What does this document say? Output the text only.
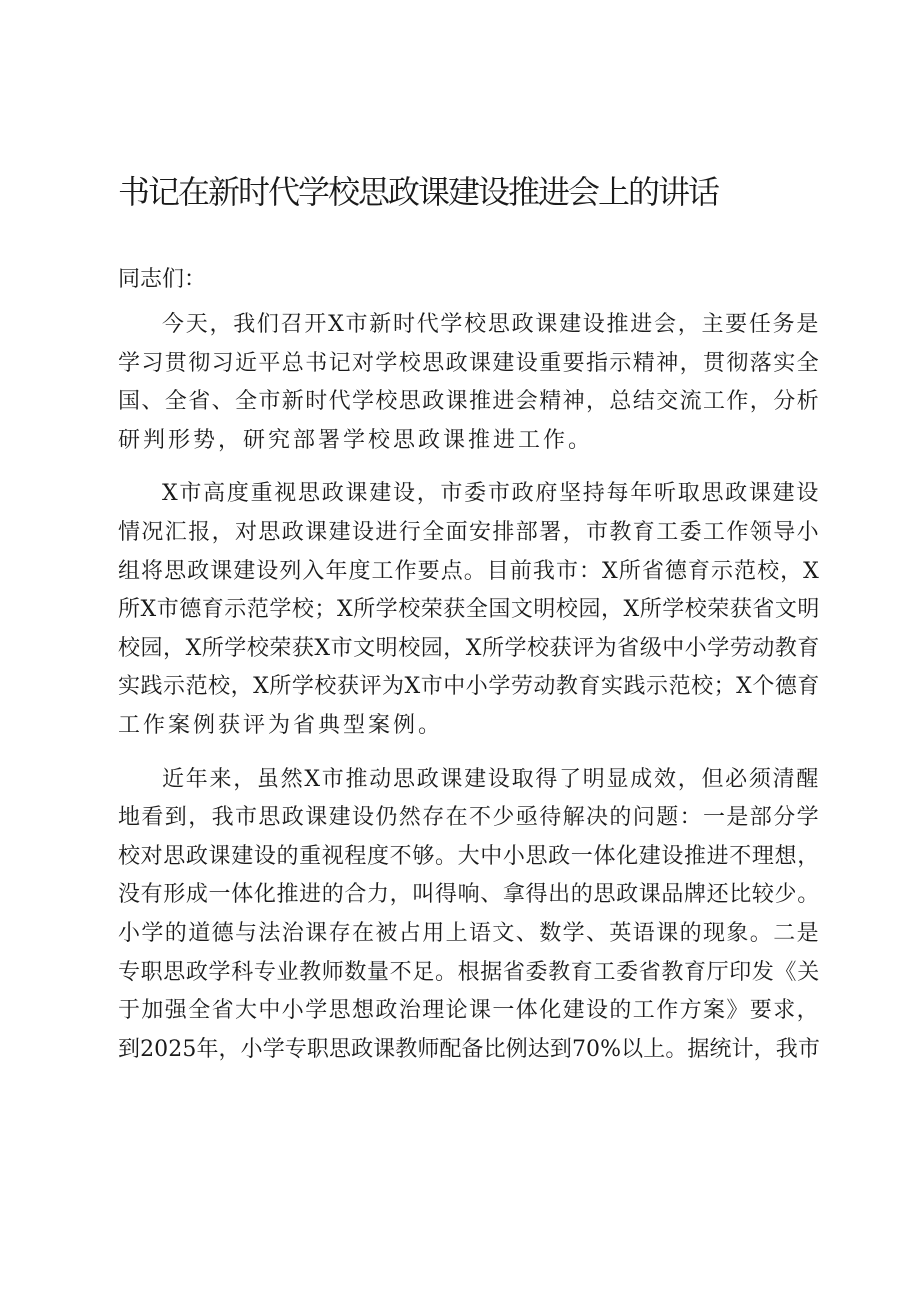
书记在新时代学校思政课建设推进会上的讲话

同志们：

今天，我们召开X市新时代学校思政课建设推进会，主要任务是
学习贯彻习近平总书记对学校思政课建设重要指示精神，贯彻落实全
国、全省、全市新时代学校思政课推进会精神，总结交流工作，分析
研判形势，研究部署学校思政课推进工作。

X市高度重视思政课建设，市委市政府坚持每年听取思政课建设
情况汇报，对思政课建设进行全面安排部署，市教育工委工作领导小
组将思政课建设列入年度工作要点。目前我市：X所省德育示范校，X
所X市德育示范学校；X所学校荣获全国文明校园，X所学校荣获省文明
校园，X所学校荣获X市文明校园，X所学校获评为省级中小学劳动教育
实践示范校，X所学校获评为X市中小学劳动教育实践示范校；X个德育
工作案例获评为省典型案例。

近年来，虽然X市推动思政课建设取得了明显成效，但必须清醒
地看到，我市思政课建设仍然存在不少亟待解决的问题：一是部分学
校对思政课建设的重视程度不够。大中小思政一体化建设推进不理想，
没有形成一体化推进的合力，叫得响、拿得出的思政课品牌还比较少。
小学的道德与法治课存在被占用上语文、数学、英语课的现象。二是
专职思政学科专业教师数量不足。根据省委教育工委省教育厅印发《关
于加强全省大中小学思想政治理论课一体化建设的工作方案》要求，
到2025年，小学专职思政课教师配备比例达到70%以上。据统计，我市
